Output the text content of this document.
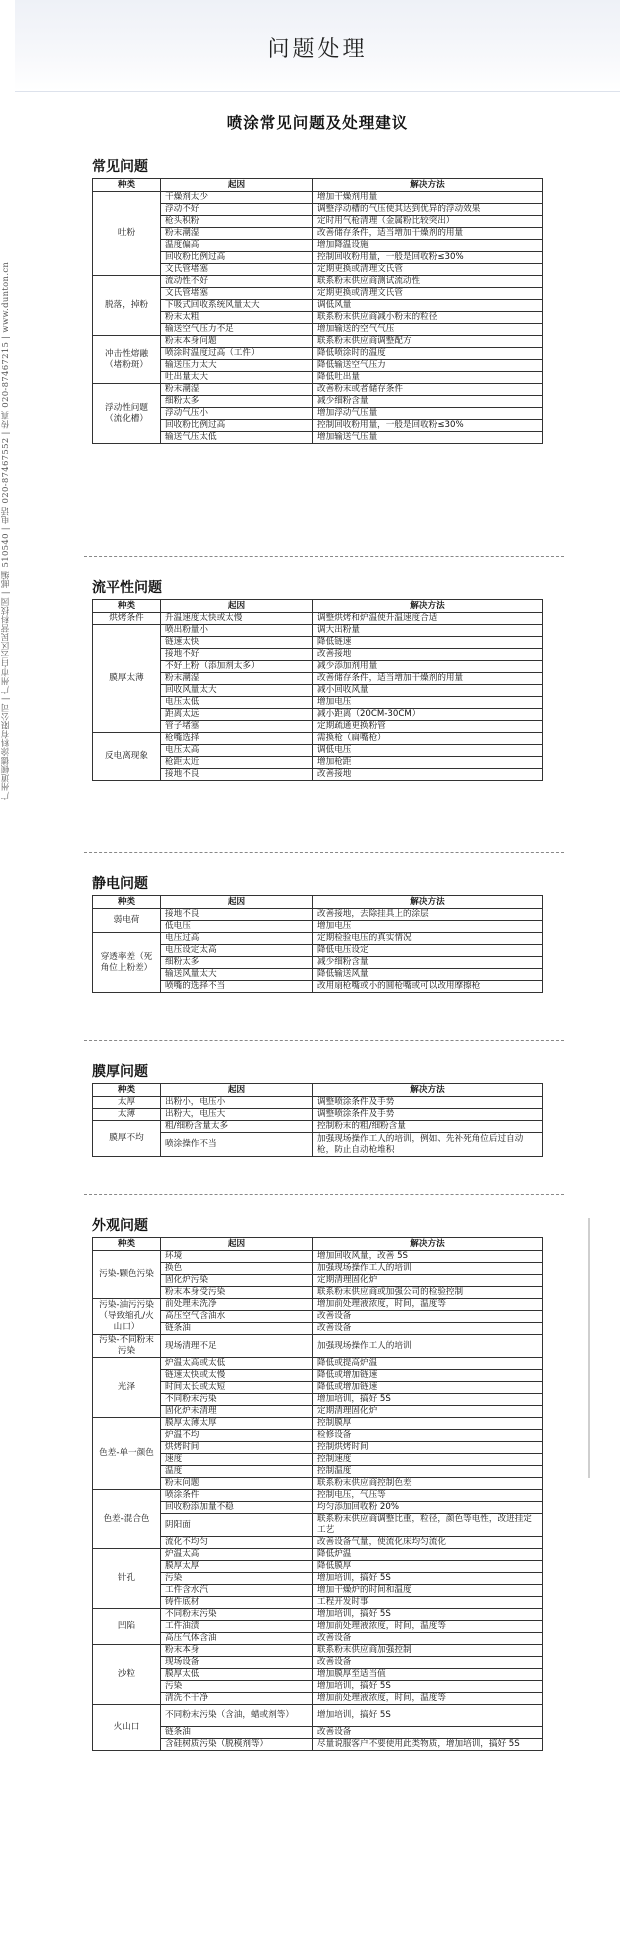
问题处理
广州道顿德涂料有限公司 | 广州市白云区民营科技园 | 邮编 510540 | 电话 020-87467552 | 传真 020-87467215 | www.dunton.cn
喷涂常见问题及处理建议
常见问题
种类	起因	解决方法
吐粉	干燥剂太少	增加干燥剂用量
	浮动不好	调整浮动槽的气压使其达到优异的浮动效果
	枪头积粉	定时用气枪清理（金属粉比较突出）
	粉末潮湿	改善储存条件，适当增加干燥剂的用量
	温度偏高	增加降温设施
	回收粉比例过高	控制回收粉用量，一般是回收粉≤30%
	文氏管堵塞	定期更换或清理文氏管
脱落，掉粉	流动性不好	联系粉末供应商测试流动性
	文氏管堵塞	定期更换或清理文氏管
	下吸式回收系统风量太大	调低风量
	粉末太粗	联系粉末供应商减小粉末的粒径
	输送空气压力不足	增加输送的空气气压
冲击性熔融（堵粉斑）	粉末本身问题	联系粉末供应商调整配方
	喷涂时温度过高（工件）	降低喷涂时的温度
	输送压力太大	降低输送空气压力
	吐出量太大	降低吐出量
浮动性问题（流化槽）	粉末潮湿	改善粉末或者储存条件
	细粉太多	减少细粉含量
	浮动气压小	增加浮动气压量
	回收粉比例过高	控制回收粉用量，一般是回收粉≤30%
	输送气压太低	增加输送气压量
流平性问题
种类	起因	解决方法
烘烤条件	升温速度太快或太慢	调整烘烤和炉温使升温速度合适
膜厚太薄	喷出粉量小	调大出粉量
	链速太快	降低链速
	接地不好	改善接地
	不好上粉（添加剂太多）	减少添加剂用量
	粉末潮湿	改善储存条件，适当增加干燥剂的用量
	回收风量太大	减小回收风量
	电压太低	增加电压
	距离太远	减小距离（20CM-30CM）
	管子堵塞	定期疏通更换粉管
反电离现象	枪嘴选择	需换枪（扁嘴枪）
	电压太高	调低电压
	枪距太近	增加枪距
	接地不良	改善接地
静电问题
种类	起因	解决方法
弱电荷	接地不良	改善接地，去除挂具上的涂层
	低电压	增加电压
穿透率差（死角位上粉差）	电压过高	定期检验电压的真实情况
	电压设定太高	降低电压设定
	细粉太多	减少细粉含量
	输送风量太大	降低输送风量
	喷嘴的选择不当	改用扇枪嘴或小的圆枪嘴或可以改用摩擦枪
膜厚问题
种类	起因	解决方法
太厚	出粉小，电压小	调整喷涂条件及手势
太薄	出粉大，电压大	调整喷涂条件及手势
膜厚不均	粗/细粉含量太多	控制粉末的粗/细粉含量
	喷涂操作不当	加强现场操作工人的培训，例如、先补死角位后过自动枪，防止自动枪堆积
外观问题
种类	起因	解决方法
污染-颗色污染	环境	增加回收风量，改善 5S
	换色	加强现场操作工人的培训
	固化炉污染	定期清理固化炉
	粉末本身受污染	联系粉末供应商或加强公司的检验控制
污染-油污污染（导致缩孔/火山口）	前处理未洗净	增加前处理液浓度，时间，温度等
	高压空气含油水	改善设备
	链条油	改善设备
污染-不同粉末污染	现场清理不足	加强现场操作工人的培训
光泽	炉温太高或太低	降低或提高炉温
	链速太快或太慢	降低或增加链速
	时间太长或太短	降低或增加链速
	不同粉末污染	增加培训，搞好 5S
	固化炉未清理	定期清理固化炉
色差-单一颜色	膜厚太薄太厚	控制膜厚
	炉温不均	检修设备
	烘烤时间	控制烘烤时间
	速度	控制速度
	温度	控制温度
	粉末问题	联系粉末供应商控制色差
色差-混合色	喷涂条件	控制电压，气压等
	回收粉添加量不稳	均匀添加回收粉 20%
	阴阳面	联系粉末供应商调整比重，粒径，颜色等电性，改进挂定工艺
	流化不均匀	改善设备气量，使流化床均匀流化
针孔	炉温太高	降低炉温
	膜厚太厚	降低膜厚
	污染	增加培训，搞好 5S
	工件含水汽	增加干燥炉的时间和温度
	铸件底材	工程开发时事
凹陷	不同粉末污染	增加培训，搞好 5S
	工件油渍	增加前处理液浓度，时间，温度等
	高压气体含油	改善设备
沙粒	粉末本身	联系粉末供应商加强控制
	现场设备	改善设备
	膜厚太低	增加膜厚至适当值
	污染	增加培训，搞好 5S
	清洗不干净	增加前处理液浓度，时间，温度等
火山口	不同粉末污染（含油，蜡或剂等）	增加培训，搞好 5S
	链条油	改善设备
	含硅树质污染（脱模剂等）	尽量说服客户不要使用此类物质，增加培训，搞好 5S
